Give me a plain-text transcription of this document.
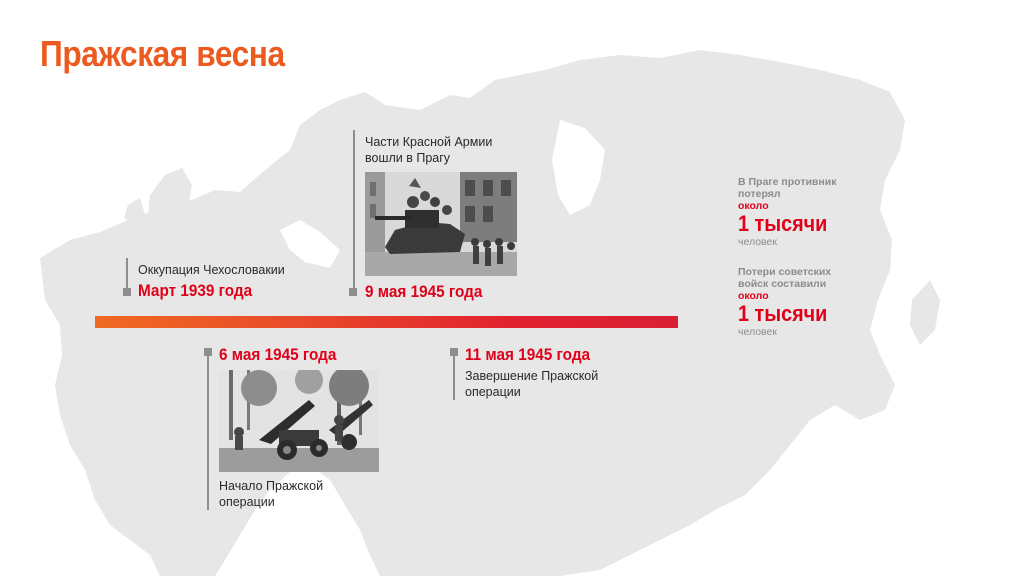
Пражская весна
Оккупация Чехословакии
Март 1939 года
Части Красной Армии вошли в Прагу
9 мая 1945 года
6 мая 1945 года
Начало Пражской операции
11 мая 1945 года
Завершение Пражской операции
В Праге противник потерял
около
1 тысячи
человек
Потери советских войск составили
около
1 тысячи
человек
